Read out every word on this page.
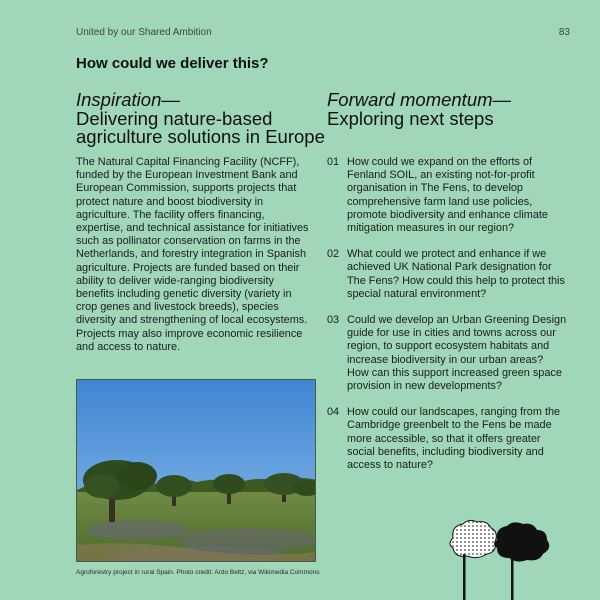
United by our Shared Ambition	83
How could we deliver this?
Inspiration—
Delivering nature-based agriculture solutions in Europe
Forward momentum—
Exploring next steps
The Natural Capital Financing Facility (NCFF), funded by the European Investment Bank and European Commission, supports projects that protect nature and boost biodiversity in agriculture. The facility offers financing, expertise, and technical assistance for initiatives such as pollinator conservation on farms in the Netherlands, and forestry integration in Spanish agriculture. Projects are funded based on their ability to deliver wide-ranging biodiversity benefits including genetic diversity (variety in crop genes and livestock breeds), species diversity and strengthening of local ecosystems. Projects may also improve economic resilience and access to nature.
01 How could we expand on the efforts of Fenland SOIL, an existing not-for-profit organisation in The Fens, to develop comprehensive farm land use policies, promote biodiversity and enhance climate mitigation measures in our region?
02 What could we protect and enhance if we achieved UK National Park designation for The Fens? How could this help to protect this special natural environment?
03 Could we develop an Urban Greening Design guide for use in cities and towns across our region, to support ecosystem habitats and increase biodiversity in our urban areas? How can this support increased green space provision in new developments?
04 How could our landscapes, ranging from the Cambridge greenbelt to the Fens be made more accessible, so that it offers greater social benefits, including biodiversity and access to nature?
Agroforestry project in rural Spain. Photo credit: Ardo Beltz, via Wikimedia Commons
